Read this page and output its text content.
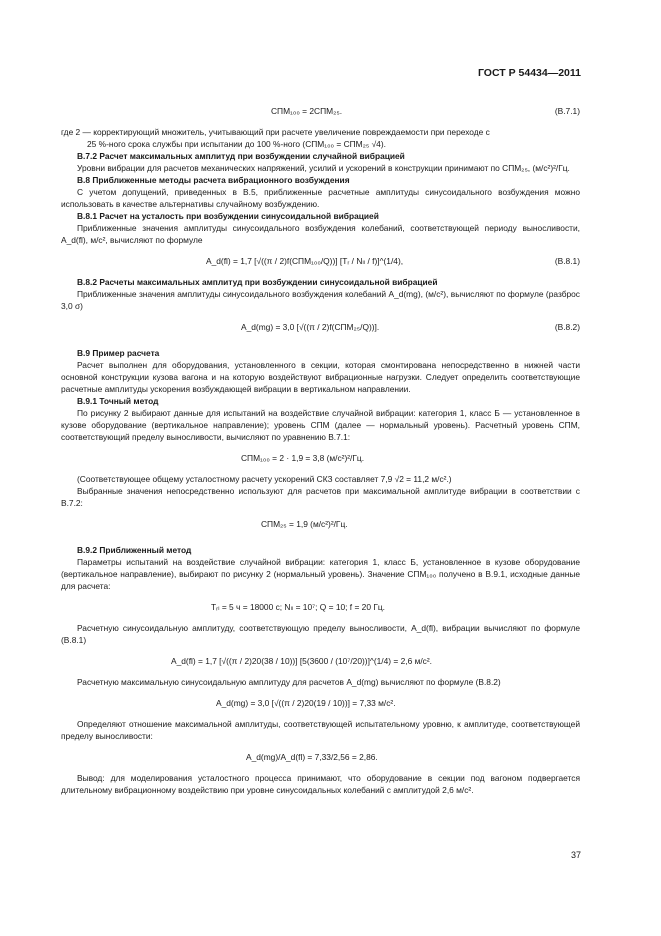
ГОСТ Р 54434—2011
СПМ₁₀₀ = 2СПМ₂₅.	(В.7.1)

где 2 — корректирующий множитель, учитывающий при расчете увеличение повреждаемости при переходе с

25 %-ного срока службы при испытании до 100 %-ного (СПМ₁₀₀ = СПМ₂₅ √4).

В.7.2 Расчет максимальных амплитуд при возбуждении случайной вибрацией

Уровни вибрации для расчетов механических напряжений, усилий и ускорений в конструкции принимают по СПМ₂₅, (м/с²)²/Гц.

В.8 Приближенные методы расчета вибрационного возбуждения

С учетом допущений, приведенных в В.5, приближенные расчетные амплитуды синусоидального возбуждения можно использовать в качестве альтернативы случайному возбуждению.

В.8.1 Расчет на усталость при возбуждении синусоидальной вибрацией

Приближенные значения амплитуды синусоидального возбуждения колебаний, соответствующей периоду выносливости, A_d(fl), м/с², вычисляют по формуле

A_d(fl) = 1,7 [√((π / 2)f(СПМ₁₀₀/Q))] [Tᵣ / Nₗₗ / f)]^(1/4),	(В.8.1)

В.8.2 Расчеты максимальных амплитуд при возбуждении синусоидальной вибрацией

Приближенные значения амплитуды синусоидального возбуждения колебаний A_d(mg), (м/с²), вычисляют по формуле (разброс 3,0 σ)

A_d(mg) = 3,0 [√((π / 2)f(СПМ₂₅/Q))].	(В.8.2)

В.9 Пример расчета

Расчет выполнен для оборудования, установленного в секции, которая смонтирована непосредственно в нижней части основной конструкции кузова вагона и на которую воздействуют вибрационные нагрузки. Следует определить соответствующие расчетные амплитуды ускорения возбуждающей вибрации в вертикальном направлении.

В.9.1 Точный метод

По рисунку 2 выбирают данные для испытаний на воздействие случайной вибрации: категория 1, класс Б — установленное в кузове оборудование (вертикальное направление); уровень СПМ (далее — нормальный уровень). Расчетный уровень СПМ, соответствующий пределу выносливости, вычисляют по уравнению В.7.1:

СПМ₁₀₀ = 2 · 1,9 = 3,8 (м/с²)²/Гц.

(Соответствующее общему усталостному расчету ускорений СКЗ составляет 7,9 √2 = 11,2 м/с².)

Выбранные значения непосредственно используют для расчетов при максимальной амплитуде вибрации в соответствии с В.7.2:

СПМ₂₅ = 1,9 (м/с²)²/Гц.

В.9.2 Приближенный метод

Параметры испытаний на воздействие случайной вибрации: категория 1, класс Б, установленное в кузове оборудование (вертикальное направление), выбирают по рисунку 2 (нормальный уровень). Значение СПМ₁₀₀ получено в В.9.1, исходные данные для расчета:

Tᵣₗ = 5 ч = 18000 с; Nₗₗ = 10⁷; Q = 10; f = 20 Гц.

Расчетную синусоидальную амплитуду, соответствующую пределу выносливости, A_d(fl), вибрации вычисляют по формуле (В.8.1)

A_d(fl) = 1,7 [√((π / 2)20(38 / 10))] [5(3600 / (10⁷/20))]^(1/4) = 2,6 м/с².

Расчетную максимальную синусоидальную амплитуду для расчетов A_d(mg) вычисляют по формуле (В.8.2)

A_d(mg) = 3,0 [√((π / 2)20(19 / 10))] = 7,33 м/с².

Определяют отношение максимальной амплитуды, соответствующей испытательному уровню, к амплитуде, соответствующей пределу выносливости:

A_d(mg)/A_d(fl) = 7,33/2,56 = 2,86.

Вывод: для моделирования усталостного процесса принимают, что оборудование в секции под вагоном подвергается длительному вибрационному воздействию при уровне синусоидальных колебаний с амплитудой 2,6 м/с².

37
